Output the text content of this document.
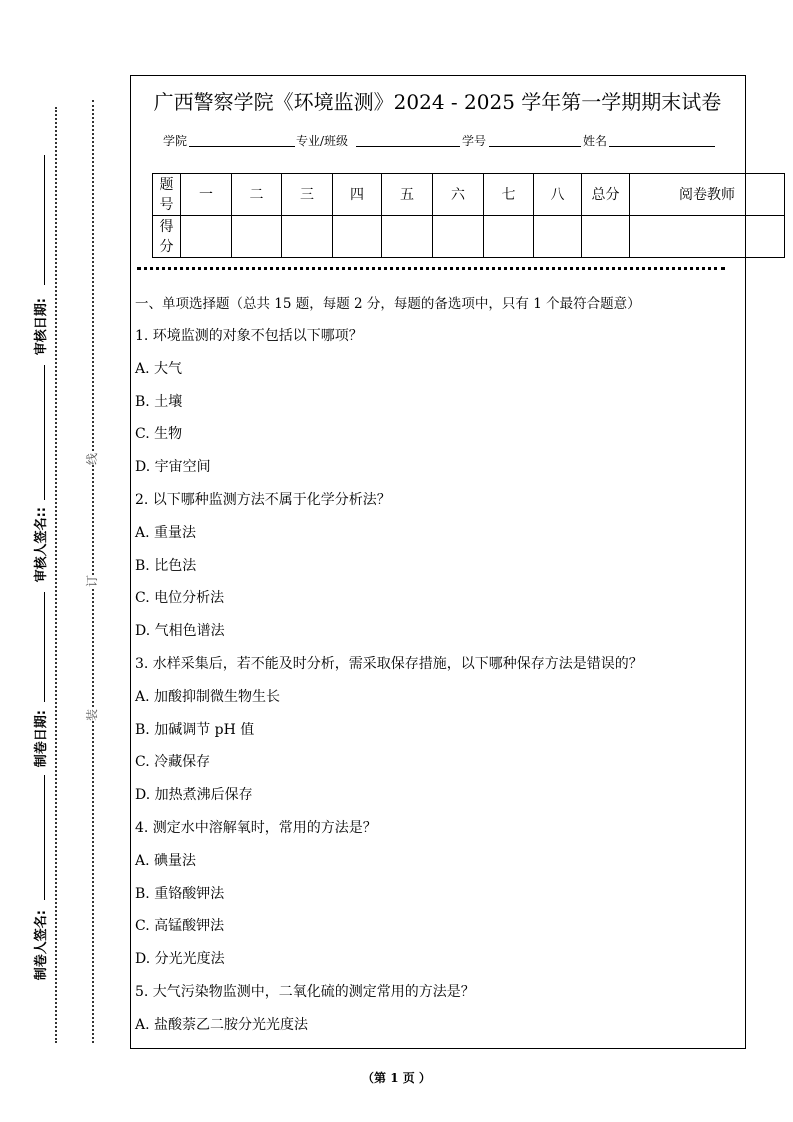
审核日期:
审核人签名::
制卷日期:
制卷人签名:
线
订
装
广西警察学院《环境监测》2024 - 2025 学年第一学期期末试卷
学院	专业/班级	学号	姓名
题号	一	二	三	四	五	六	七	八	总分	阅卷教师
得分										
一、单项选择题（总共 15 题，每题 2 分，每题的备选项中，只有 1 个最符合题意）
1. 环境监测的对象不包括以下哪项？
A. 大气
B. 土壤
C. 生物
D. 宇宙空间
2. 以下哪种监测方法不属于化学分析法？
A. 重量法
B. 比色法
C. 电位分析法
D. 气相色谱法
3. 水样采集后，若不能及时分析，需采取保存措施，以下哪种保存方法是错误的？
A. 加酸抑制微生物生长
B. 加碱调节 pH 值
C. 冷藏保存
D. 加热煮沸后保存
4. 测定水中溶解氧时，常用的方法是？
A. 碘量法
B. 重铬酸钾法
C. 高锰酸钾法
D. 分光光度法
5. 大气污染物监测中，二氧化硫的测定常用的方法是？
A. 盐酸萘乙二胺分光光度法
（第 1 页 ）
